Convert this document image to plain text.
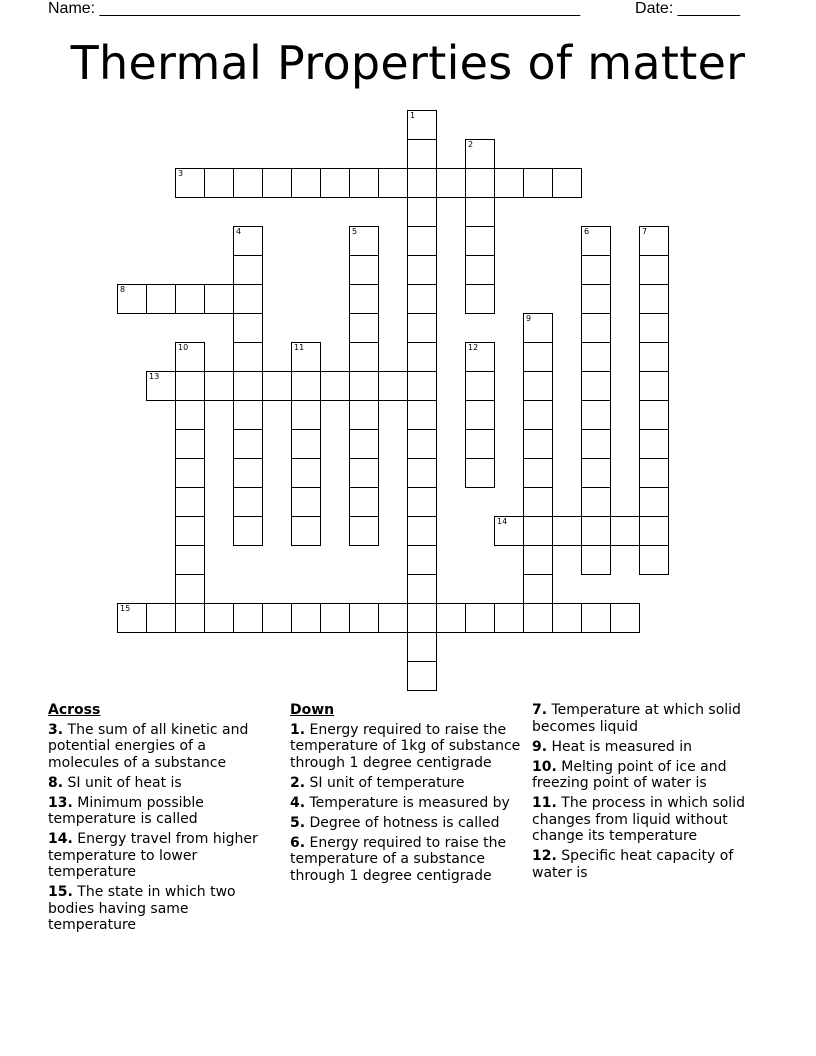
Name: ______________________________________________________	Date: _______
Thermal Properties of matter
1
2
3
4	5	6	7
8
9
10	11	12
13
14
15
Across
3. The sum of all kinetic and potential energies of a molecules of a substance
8. SI unit of heat is
13. Minimum possible temperature is called
14. Energy travel from higher temperature to lower temperature
15. The state in which two bodies having same temperature
Down
1. Energy required to raise the temperature of 1kg of substance through 1 degree centigrade
2. SI unit of temperature
4. Temperature is measured by
5. Degree of hotness is called
6. Energy required to raise the temperature of a substance through 1 degree centigrade
7. Temperature at which solid becomes liquid
9. Heat is measured in
10. Melting point of ice and freezing point of water is
11. The process in which solid changes from liquid without change its temperature
12. Specific heat capacity of water is
